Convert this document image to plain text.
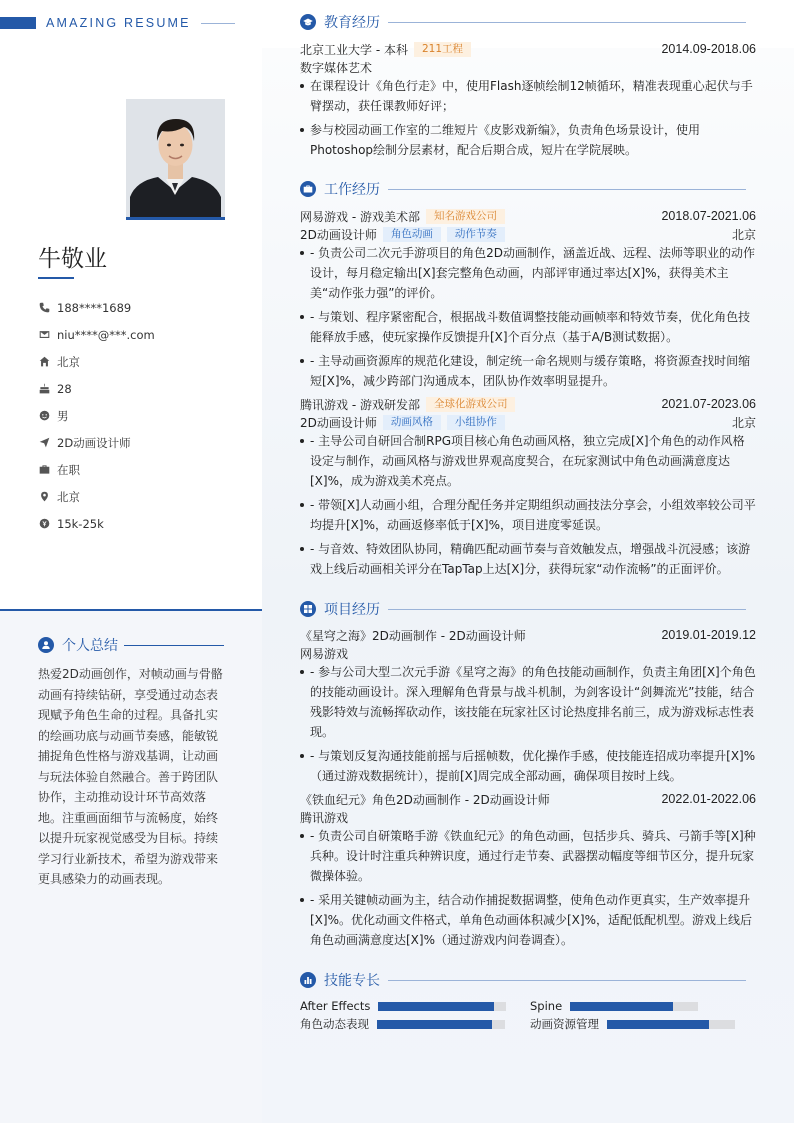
AMAZING RESUME
牛敬业
188****1689
niu****@***.com
北京
28
男
2D动画设计师
在职
北京
15k-25k
个人总结
热爱2D动画创作，对帧动画与骨骼动画有持续钻研，享受通过动态表现赋予角色生命的过程。具备扎实的绘画功底与动画节奏感，能敏锐捕捉角色性格与游戏基调，让动画与玩法体验自然融合。善于跨团队协作，主动推动设计环节高效落地。注重画面细节与流畅度，始终以提升玩家视觉感受为目标。持续学习行业新技术，希望为游戏带来更具感染力的动画表现。
教育经历
北京工业大学 - 本科	211工程	2014.09-2018.06
数字媒体艺术
在课程设计《角色行走》中，使用Flash逐帧绘制12帧循环，精准表现重心起伏与手臂摆动，获任课教师好评；
参与校园动画工作室的二维短片《皮影戏新编》，负责角色场景设计，使用Photoshop绘制分层素材，配合后期合成，短片在学院展映。
工作经历
网易游戏 - 游戏美术部	知名游戏公司	2018.07-2021.06
2D动画设计师	角色动画	动作节奏	北京
- 负责公司二次元手游项目的角色2D动画制作，涵盖近战、远程、法师等职业的动作设计，每月稳定输出[X]套完整角色动画，内部评审通过率达[X]%，获得美术主美“动作张力强”的评价。
- 与策划、程序紧密配合，根据战斗数值调整技能动画帧率和特效节奏，优化角色技能释放手感，使玩家操作反馈提升[X]个百分点（基于A/B测试数据）。
- 主导动画资源库的规范化建设，制定统一命名规则与缓存策略，将资源查找时间缩短[X]%，减少跨部门沟通成本，团队协作效率明显提升。
腾讯游戏 - 游戏研发部	全球化游戏公司	2021.07-2023.06
2D动画设计师	动画风格	小组协作	北京
- 主导公司自研回合制RPG项目核心角色动画风格，独立完成[X]个角色的动作风格设定与制作，动画风格与游戏世界观高度契合，在玩家测试中角色动画满意度达[X]%，成为游戏美术亮点。
- 带领[X]人动画小组，合理分配任务并定期组织动画技法分享会，小组效率较公司平均提升[X]%，动画返修率低于[X]%，项目进度零延误。
- 与音效、特效团队协同，精确匹配动画节奏与音效触发点，增强战斗沉浸感；该游戏上线后动画相关评分在TapTap上达[X]分，获得玩家“动作流畅”的正面评价。
项目经历
《星穹之海》2D动画制作 - 2D动画设计师	2019.01-2019.12
网易游戏
- 参与公司大型二次元手游《星穹之海》的角色技能动画制作，负责主角团[X]个角色的技能动画设计。深入理解角色背景与战斗机制，为剑客设计“剑舞流光”技能，结合残影特效与流畅挥砍动作，该技能在玩家社区讨论热度排名前三，成为游戏标志性表现。
- 与策划反复沟通技能前摇与后摇帧数，优化操作手感，使技能连招成功率提升[X]%（通过游戏数据统计），提前[X]周完成全部动画，确保项目按时上线。
《铁血纪元》角色2D动画制作 - 2D动画设计师	2022.01-2022.06
腾讯游戏
- 负责公司自研策略手游《铁血纪元》的角色动画，包括步兵、骑兵、弓箭手等[X]种兵种。设计时注重兵种辨识度，通过行走节奏、武器摆动幅度等细节区分，提升玩家微操体验。
- 采用关键帧动画为主，结合动作捕捉数据调整，使角色动作更真实，生产效率提升[X]%。优化动画文件格式，单角色动画体积减少[X]%，适配低配机型。游戏上线后角色动画满意度达[X]%（通过游戏内问卷调查）。
技能专长
After Effects	Spine
角色动态表现	动画资源管理
